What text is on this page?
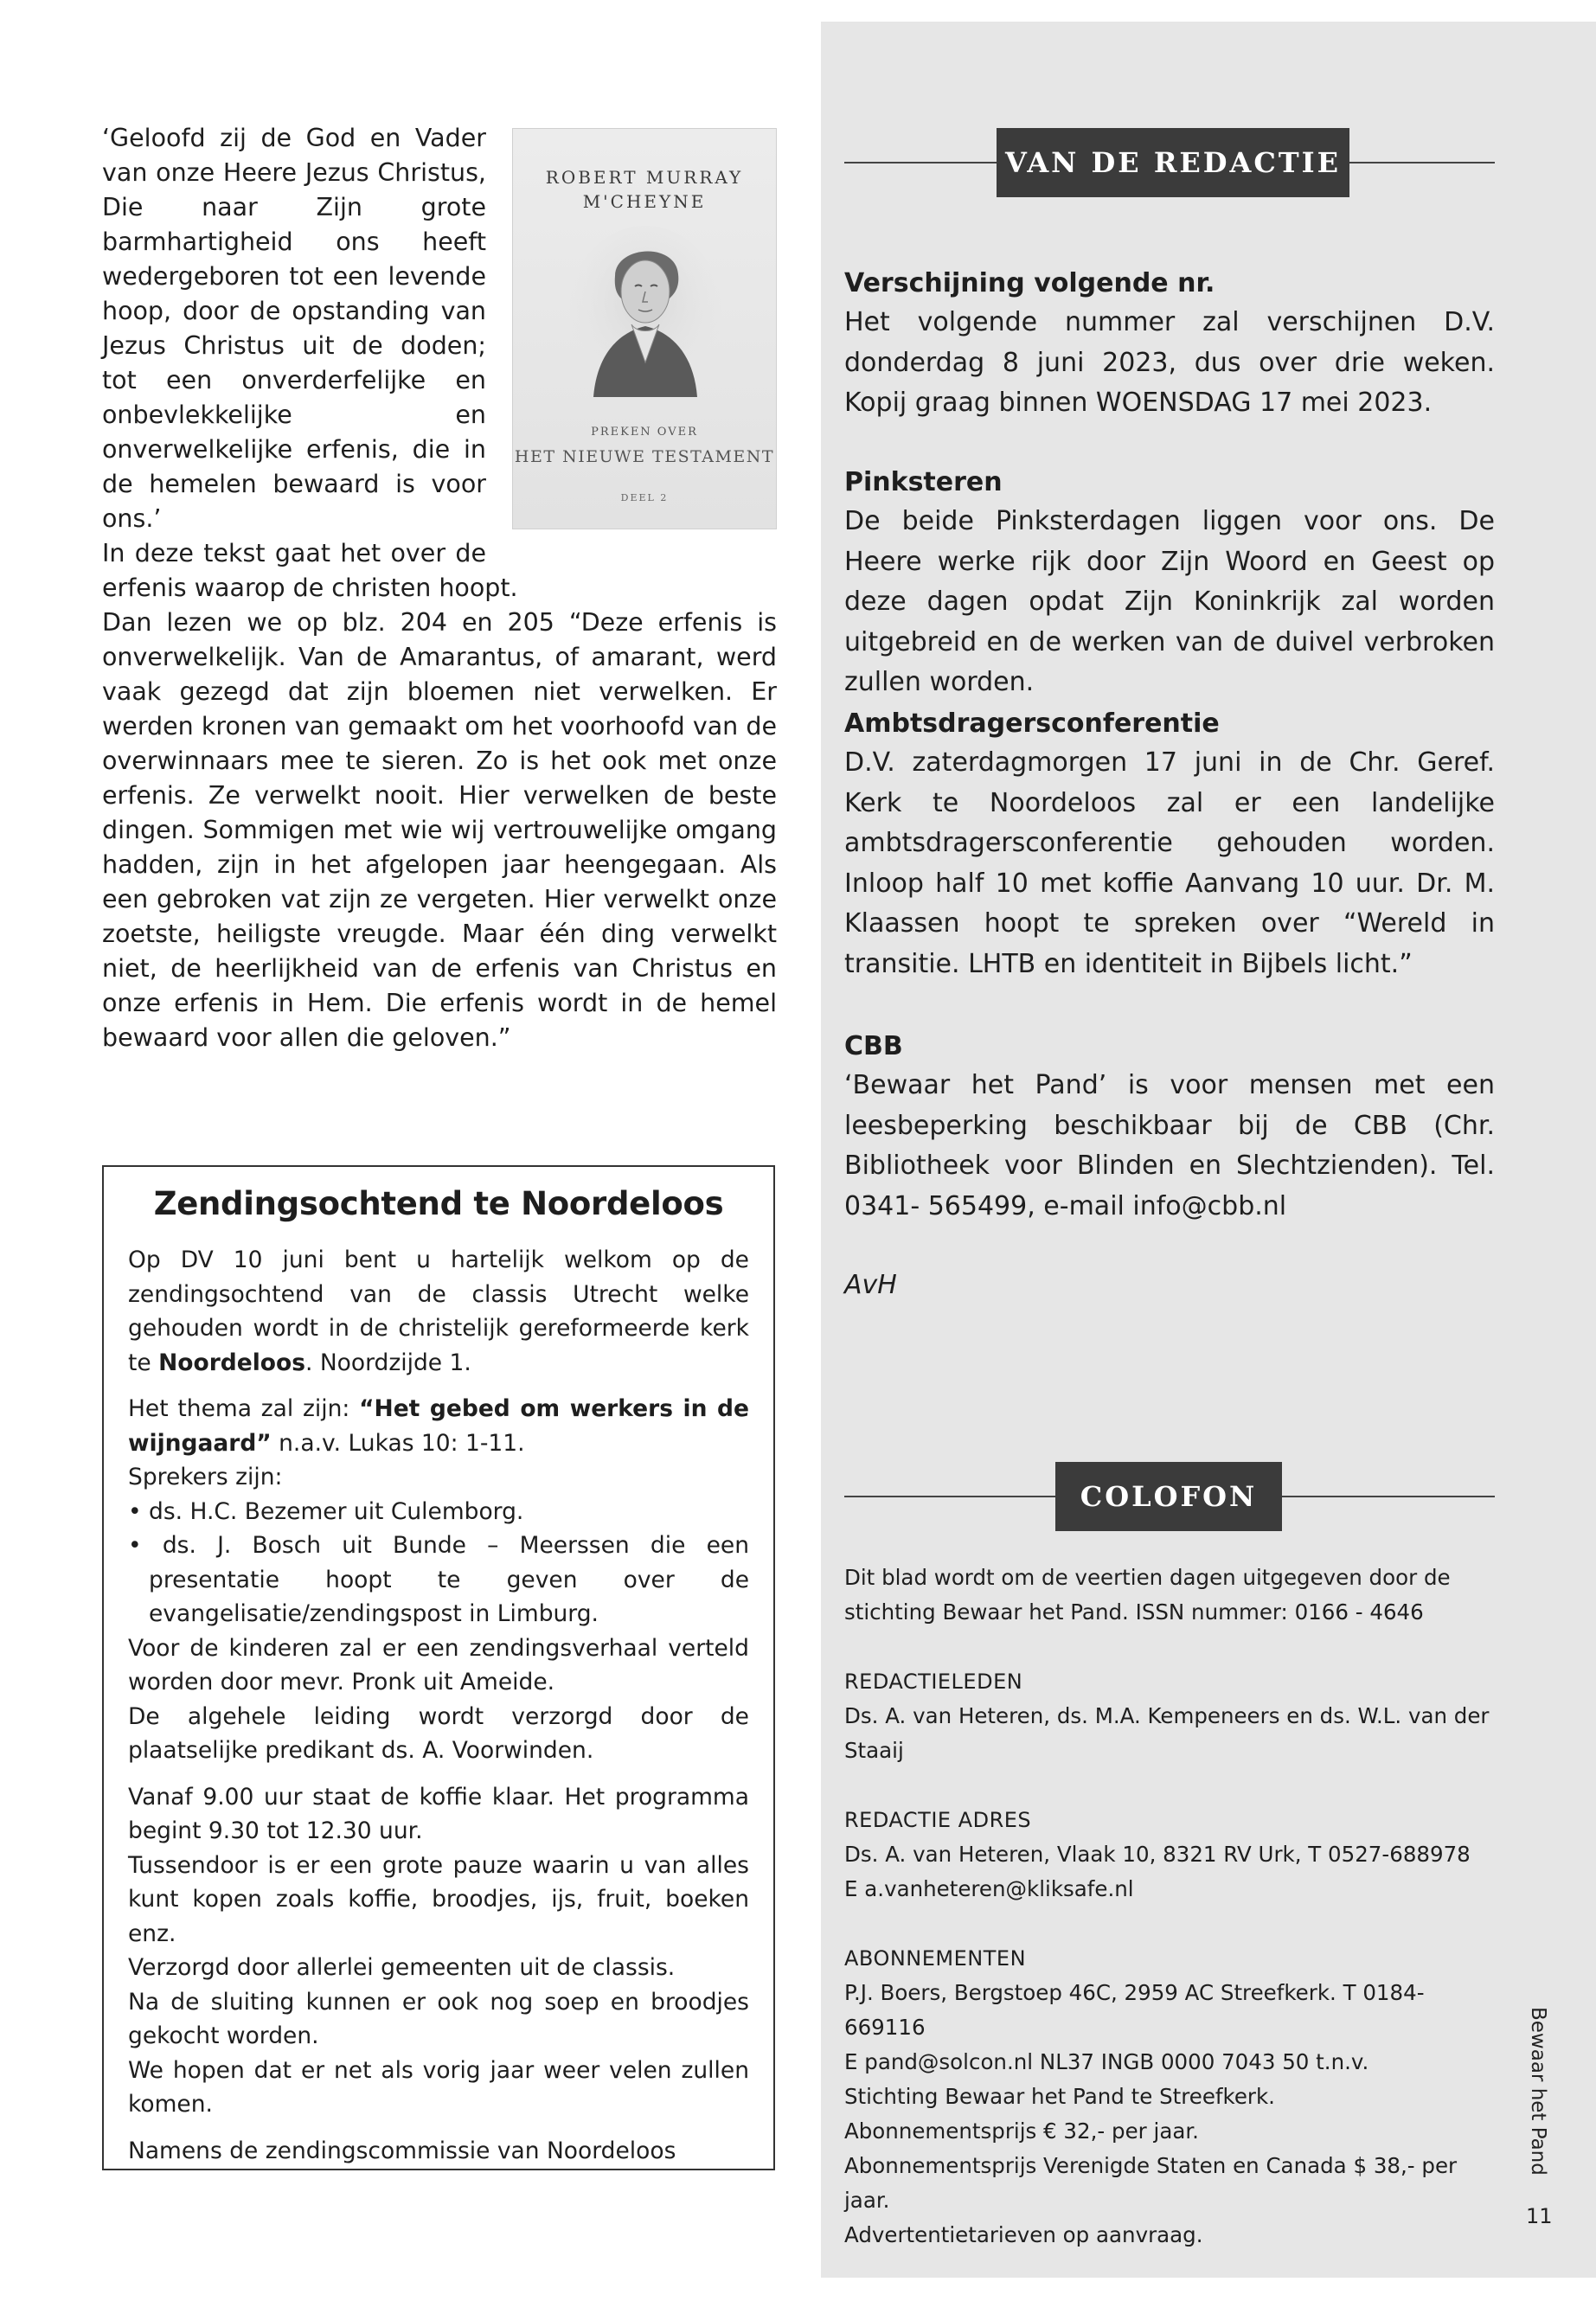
ROBERT MURRAY
M'CHEYNE
PREKEN OVER
HET NIEUWE TESTAMENT
DEEL 2

‘Geloofd zij de God en Vader van onze Heere Jezus Christus, Die naar Zijn grote barmhartigheid ons heeft wedergeboren tot een levende hoop, door de opstanding van Jezus Christus uit de doden; tot een onverderfelijke en onbevlekkelijke en onverwelkelijke erfenis, die in de hemelen bewaard is voor ons.’

In deze tekst gaat het over de erfenis waarop de christen hoopt.

Dan lezen we op blz. 204 en 205 “Deze erfenis is onverwelkelijk. Van de Amarantus, of amarant, werd vaak gezegd dat zijn bloemen niet verwelken. Er werden kronen van gemaakt om het voorhoofd van de overwinnaars mee te sieren. Zo is het ook met onze erfenis. Ze verwelkt nooit. Hier verwelken de beste dingen. Sommigen met wie wij vertrouwelijke omgang hadden, zijn in het afgelopen jaar heengegaan. Als een gebroken vat zijn ze vergeten. Hier verwelkt onze zoetste, heiligste vreugde. Maar één ding verwelkt niet, de heerlijkheid van de erfenis van Christus en onze erfenis in Hem. Die erfenis wordt in de hemel bewaard voor allen die geloven.”

Zendingsochtend te Noordeloos

Op DV 10 juni bent u hartelijk welkom op de zendingsochtend van de classis Utrecht welke gehouden wordt in de christelijk gereformeerde kerk te Noordeloos. Noordzijde 1.

Het thema zal zijn: “Het gebed om werkers in de wijngaard” n.a.v. Lukas 10: 1-11.
Sprekers zijn:
• ds. H.C. Bezemer uit Culemborg.
• ds. J. Bosch uit Bunde – Meerssen die een presentatie hoopt te geven over de evangelisatie/zendingspost in Limburg.
Voor de kinderen zal er een zendingsverhaal verteld worden door mevr. Pronk uit Ameide.
De algehele leiding wordt verzorgd door de plaatselijke predikant ds. A. Voorwinden.

Vanaf 9.00 uur staat de koffie klaar. Het programma begint 9.30 tot 12.30 uur.
Tussendoor is er een grote pauze waarin u van alles kunt kopen zoals koffie, broodjes, ijs, fruit, boeken enz.
Verzorgd door allerlei gemeenten uit de classis.
Na de sluiting kunnen er ook nog soep en broodjes gekocht worden.
We hopen dat er net als vorig jaar weer velen zullen komen.

Namens de zendingscommissie van Noordeloos

VAN DE REDACTIE
Verschijning volgende nr.

Het volgende nummer zal verschijnen D.V. donderdag 8 juni 2023, dus over drie weken. Kopij graag binnen WOENSDAG 17 mei 2023.

Pinksteren

De beide Pinksterdagen liggen voor ons. De Heere werke rijk door Zijn Woord en Geest op deze dagen opdat Zijn Koninkrijk zal worden uitgebreid en de werken van de duivel verbroken zullen worden.

Ambtsdragersconferentie

D.V. zaterdagmorgen 17 juni in de Chr. Geref. Kerk te Noordeloos zal er een landelijke ambtsdragersconferentie gehouden worden. Inloop half 10 met koffie Aanvang 10 uur. Dr. M. Klaassen hoopt te spreken over “Wereld in transitie. LHTB en identiteit in Bijbels licht.”

CBB

‘Bewaar het Pand’ is voor mensen met een leesbeperking beschikbaar bij de CBB (Chr. Bibliotheek voor Blinden en Slechtzienden). Tel. 0341- 565499, e-mail info@cbb.nl

AvH
COLOFON

Dit blad wordt om de veertien dagen uitgegeven door de stichting Bewaar het Pand. ISSN nummer: 0166 - 4646

REDACTIELEDEN

Ds. A. van Heteren, ds. M.A. Kempeneers en ds. W.L. van der Staaij

REDACTIE ADRES

Ds. A. van Heteren, Vlaak 10, 8321 RV Urk, T 0527-688978

E a.vanheteren@kliksafe.nl

ABONNEMENTEN

P.J. Boers, Bergstoep 46C, 2959 AC Streefkerk. T 0184-669116

E pand@solcon.nl NL37 INGB 0000 7043 50 t.n.v.

Stichting Bewaar het Pand te Streefkerk.

Abonnementsprijs € 32,- per jaar.

Abonnementsprijs Verenigde Staten en Canada $ 38,- per jaar.

Advertentietarieven op aanvraag.

Bewaar het Pand
11
